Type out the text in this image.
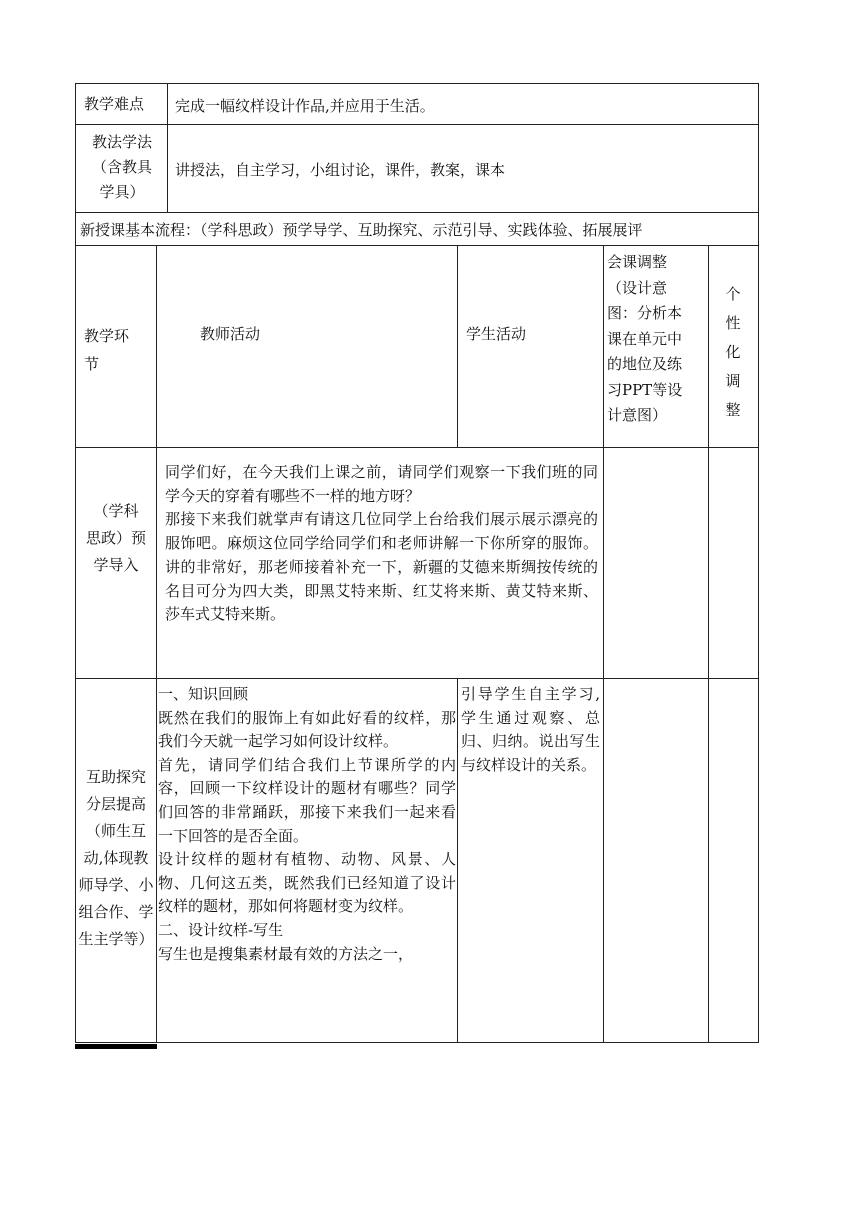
教学难点	完成一幅纹样设计作品,并应用于生活。
教法学法
（含教具
学具）
讲授法，自主学习，小组讨论，课件，教案，课本
新授课基本流程：（学科思政）预学导学、互助探究、示范引导、实践体验、拓展展评
教学环
节
教师活动	学生活动
会课调整
（设计意
图：分析本
课在单元中
的地位及练
习PPT等设
计意图）
个
性
化
调
整
（学科
思政）预
学导入
同学们好，在今天我们上课之前，请同学们观察一下我们班的同学今天的穿着有哪些不一样的地方呀？
那接下来我们就掌声有请这几位同学上台给我们展示展示漂亮的服饰吧。麻烦这位同学给同学们和老师讲解一下你所穿的服饰。讲的非常好，那老师接着补充一下，新疆的艾德来斯绸按传统的名目可分为四大类，即黑艾特来斯、红艾将来斯、黄艾特来斯、莎车式艾特来斯。
互助探究
分层提高
（师生互
动,体现教
师导学、小
组合作、学
生主学等）
一、知识回顾
既然在我们的服饰上有如此好看的纹样，那我们今天就一起学习如何设计纹样。
首先，请同学们结合我们上节课所学的内容，回顾一下纹样设计的题材有哪些？同学们回答的非常踊跃，那接下来我们一起来看一下回答的是否全面。
设计纹样的题材有植物、动物、风景、人物、几何这五类，既然我们已经知道了设计纹样的题材，那如何将题材变为纹样。
二、设计纹样-写生
写生也是搜集素材最有效的方法之一，
引导学生自主学习,学生通过观察、总归、归纳。说出写生与纹样设计的关系。
